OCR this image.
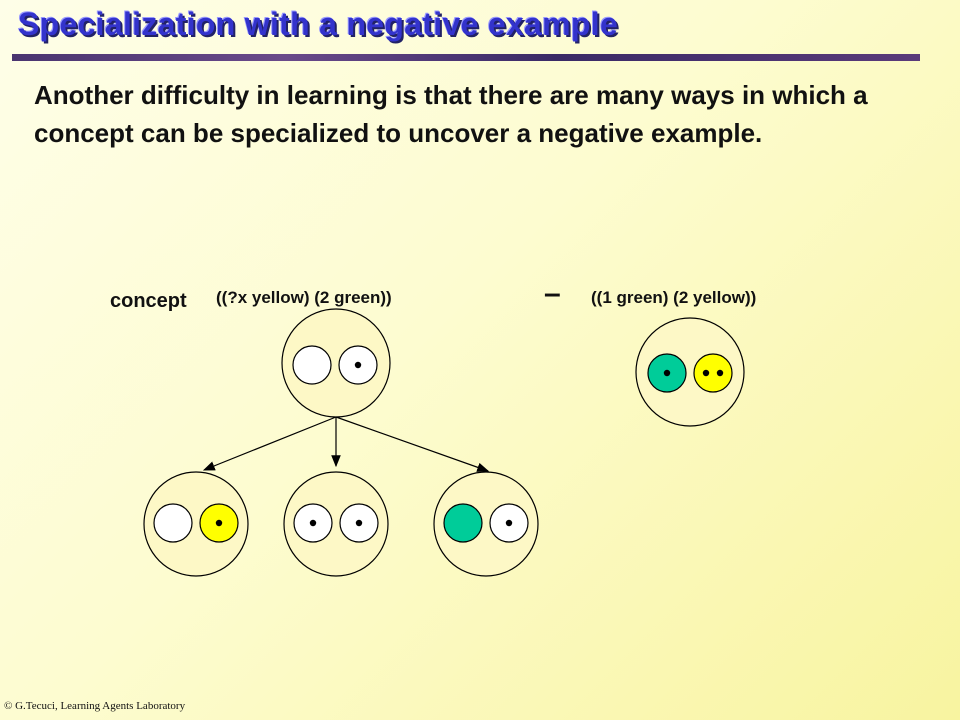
Specialization with a negative example
Another difficulty in learning is that there are many ways in which a concept can be specialized to uncover a negative example.
concept ((?x yellow) (2 green))	– ((1 green) (2 yellow))
© G.Tecuci, Learning Agents Laboratory
